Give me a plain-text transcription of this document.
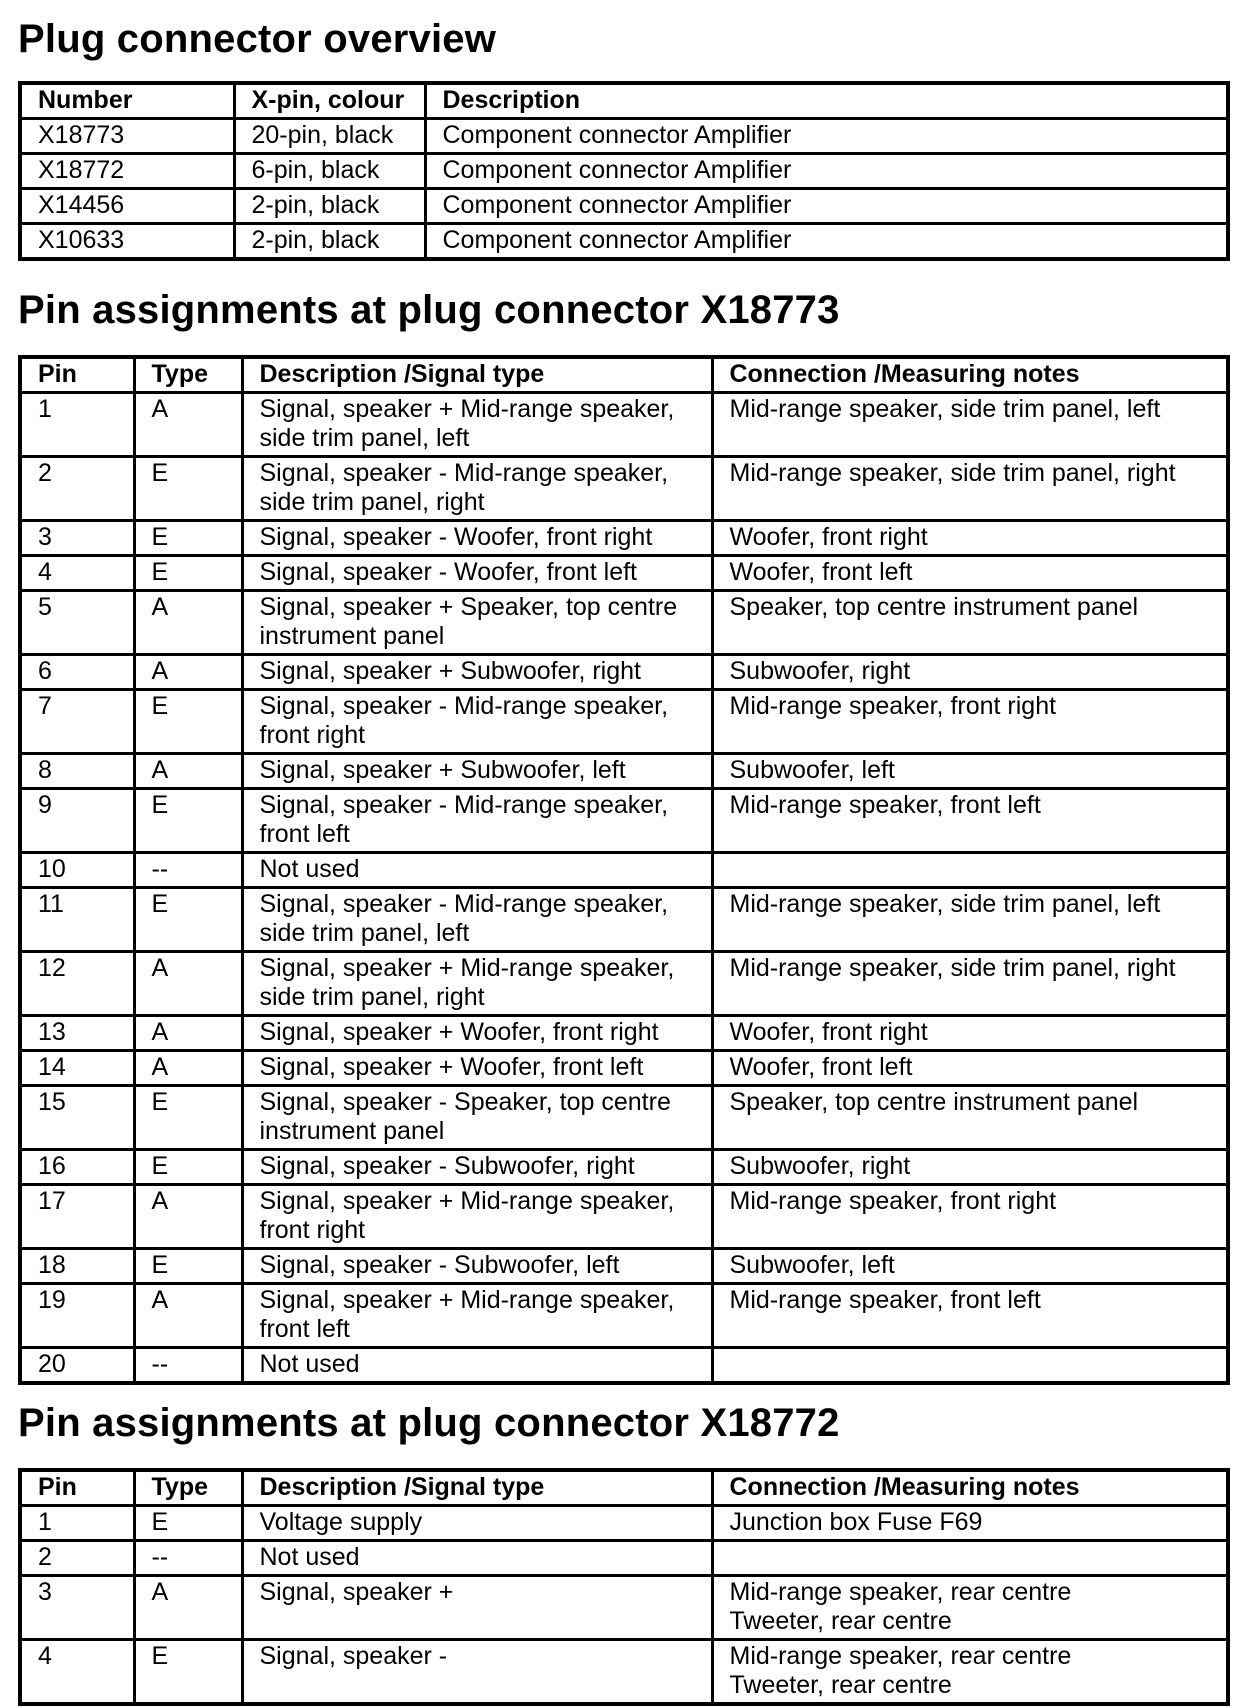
Plug connector overview
Number	X-pin, colour	Description
X18773	20-pin, black	Component connector Amplifier
X18772	6-pin, black	Component connector Amplifier
X14456	2-pin, black	Component connector Amplifier
X10633	2-pin, black	Component connector Amplifier
Pin assignments at plug connector X18773
Pin	Type	Description /Signal type	Connection /Measuring notes
1	A	Signal, speaker + Mid-range speaker, side trim panel, left	Mid-range speaker, side trim panel, left
2	E	Signal, speaker - Mid-range speaker, side trim panel, right	Mid-range speaker, side trim panel, right
3	E	Signal, speaker - Woofer, front right	Woofer, front right
4	E	Signal, speaker - Woofer, front left	Woofer, front left
5	A	Signal, speaker + Speaker, top centre instrument panel	Speaker, top centre instrument panel
6	A	Signal, speaker + Subwoofer, right	Subwoofer, right
7	E	Signal, speaker - Mid-range speaker, front right	Mid-range speaker, front right
8	A	Signal, speaker + Subwoofer, left	Subwoofer, left
9	E	Signal, speaker - Mid-range speaker, front left	Mid-range speaker, front left
10	--	Not used	
11	E	Signal, speaker - Mid-range speaker, side trim panel, left	Mid-range speaker, side trim panel, left
12	A	Signal, speaker + Mid-range speaker, side trim panel, right	Mid-range speaker, side trim panel, right
13	A	Signal, speaker + Woofer, front right	Woofer, front right
14	A	Signal, speaker + Woofer, front left	Woofer, front left
15	E	Signal, speaker - Speaker, top centre instrument panel	Speaker, top centre instrument panel
16	E	Signal, speaker - Subwoofer, right	Subwoofer, right
17	A	Signal, speaker + Mid-range speaker, front right	Mid-range speaker, front right
18	E	Signal, speaker - Subwoofer, left	Subwoofer, left
19	A	Signal, speaker + Mid-range speaker, front left	Mid-range speaker, front left
20	--	Not used	
Pin assignments at plug connector X18772
Pin	Type	Description /Signal type	Connection /Measuring notes
1	E	Voltage supply	Junction box Fuse F69
2	--	Not used	
3	A	Signal, speaker +	Mid-range speaker, rear centre
Tweeter, rear centre
4	E	Signal, speaker -	Mid-range speaker, rear centre
Tweeter, rear centre
